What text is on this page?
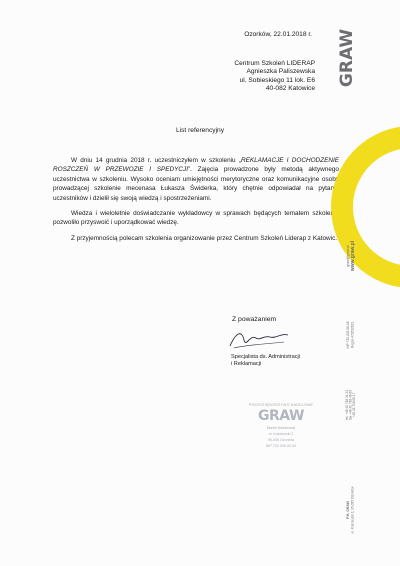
Ozorków, 22.01.2018 r.
Centrum Szkoleń LIDERAP
Agnieszka Paliszewska
ul. Sobieskiego 11 lok. E6
40-082 Katowice
List referencyjny

W dniu 14 grudnia 2018 r. uczestniczyłem w szkoleniu „REKLAMACJE I DOCHODZENIE ROSZCZEŃ W PRZEWOZIE I SPEDYCJI”. Zajęcia prowadzone były metodą aktywnego uczestnictwa w szkoleniu. Wysoko oceniam umiejętności merytoryczne oraz komunikacyjne osoby prowadzącej szkolenie mecenasa Łukasza Świderka, który chętnie odpowiadał na pytania uczestników i dzielił się swoją wiedzą i spostrzeżeniami.

Wiedza i wieloletnie doświadczanie wykładowcy w sprawach będących tematem szkolenia pozwoliło przyswoić i uporządkować wiedzę.

Z przyjemnością polecam szkolenia organizowanie przez Centrum Szkoleń Liderap z Katowic.

Z poważaniem
Specjalista ds. Administracji
i Reklamacji
PRZEDSIĘBIORSTWO HANDLOWE
GRAW
Marek Wasilewski
ul. Kościuszki 2
95-035 Ozorków
NIP 732-000-00-00
GRAW
graw@graw.pl www.graw.pl
NIP 732-202-56-16 Regon 472612621
tel. +48 42 718 21 21 fax +48 42 718 46 63 +48 42 718 00 17
P.H. GRAW ul. Kościuszki 2, 95-035 Ozorków
